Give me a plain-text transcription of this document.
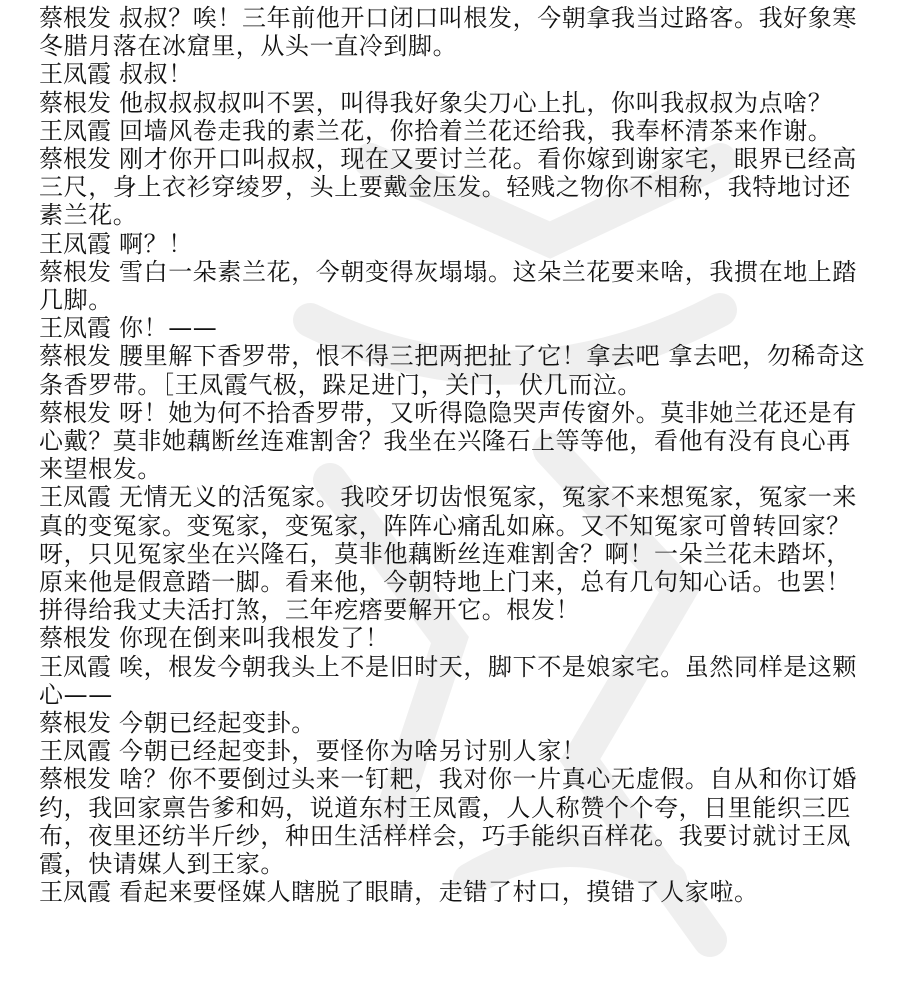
蔡根发 叔叔？唉！三年前他开口闭口叫根发，今朝拿我当过路客。我好象寒冬腊月落在冰窟里，从头一直冷到脚。

王凤霞 叔叔！

蔡根发 他叔叔叔叔叫不罢，叫得我好象尖刀心上扎，你叫我叔叔为点啥？

王凤霞 回墙风卷走我的素兰花，你拾着兰花还给我，我奉杯清茶来作谢。

蔡根发 刚才你开口叫叔叔，现在又要讨兰花。看你嫁到谢家宅，眼界已经高三尺，身上衣衫穿绫罗，头上要戴金压发。轻贱之物你不相称，我特地讨还素兰花。

王凤霞 啊？！

蔡根发 雪白一朵素兰花，今朝变得灰塌塌。这朵兰花要来啥，我掼在地上踏几脚。

王凤霞 你！——

蔡根发 腰里解下香罗带，恨不得三把两把扯了它！拿去吧 拿去吧，勿稀奇这条香罗带。［王凤霞气极，跺足进门，关门，伏几而泣。

蔡根发 呀！她为何不拾香罗带，又听得隐隐哭声传窗外。莫非她兰花还是有心戴？莫非她藕断丝连难割舍？我坐在兴隆石上等等他，看他有没有良心再来望根发。

王凤霞 无情无义的活冤家。我咬牙切齿恨冤家，冤家不来想冤家，冤家一来真的变冤家。变冤家，变冤家，阵阵心痛乱如麻。又不知冤家可曾转回家？呀，只见冤家坐在兴隆石，莫非他藕断丝连难割舍？啊！一朵兰花未踏坏，原来他是假意踏一脚。看来他，今朝特地上门来，总有几句知心话。也罢！拼得给我丈夫活打煞，三年疙瘩要解开它。根发！

蔡根发 你现在倒来叫我根发了！

王凤霞 唉，根发今朝我头上不是旧时天，脚下不是娘家宅。虽然同样是这颗心——

蔡根发 今朝已经起变卦。

王凤霞 今朝已经起变卦，要怪你为啥另讨别人家！

蔡根发 啥？你不要倒过头来一钉耙，我对你一片真心无虚假。自从和你订婚约，我回家禀告爹和妈，说道东村王凤霞，人人称赞个个夸，日里能织三匹布，夜里还纺半斤纱，种田生活样样会，巧手能织百样花。我要讨就讨王凤霞，快请媒人到王家。

王凤霞 看起来要怪媒人瞎脱了眼睛，走错了村口，摸错了人家啦。
